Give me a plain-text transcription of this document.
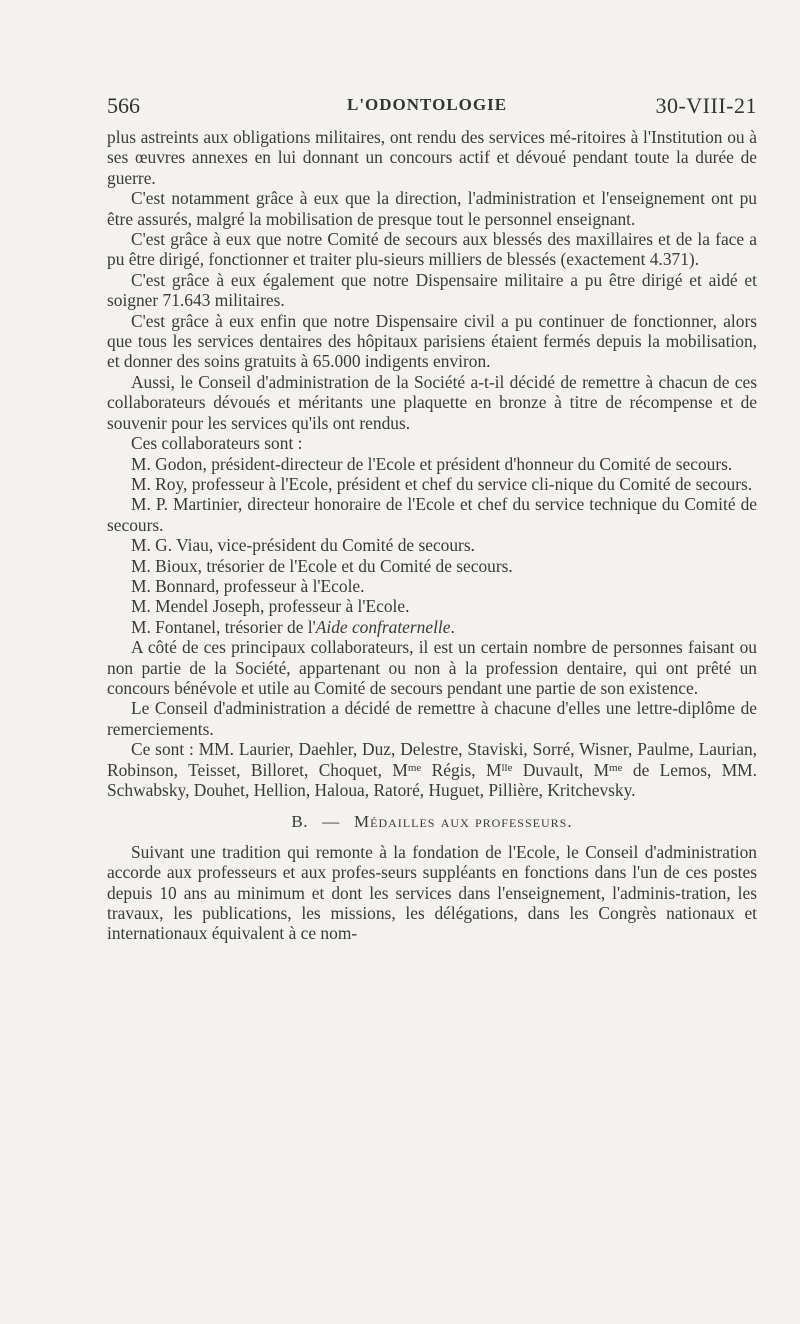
566	L'ODONTOLOGIE	30-VIII-21

plus astreints aux obligations militaires, ont rendu des services mé-ritoires à l'Institution ou à ses œuvres annexes en lui donnant un concours actif et dévoué pendant toute la durée de guerre.

C'est notamment grâce à eux que la direction, l'administration et l'enseignement ont pu être assurés, malgré la mobilisation de presque tout le personnel enseignant.

C'est grâce à eux que notre Comité de secours aux blessés des maxillaires et de la face a pu être dirigé, fonctionner et traiter plu-sieurs milliers de blessés (exactement 4.371).

C'est grâce à eux également que notre Dispensaire militaire a pu être dirigé et aidé et soigner 71.643 militaires.

C'est grâce à eux enfin que notre Dispensaire civil a pu continuer de fonctionner, alors que tous les services dentaires des hôpitaux parisiens étaient fermés depuis la mobilisation, et donner des soins gratuits à 65.000 indigents environ.

Aussi, le Conseil d'administration de la Société a-t-il décidé de remettre à chacun de ces collaborateurs dévoués et méritants une plaquette en bronze à titre de récompense et de souvenir pour les services qu'ils ont rendus.

Ces collaborateurs sont :

M. Godon, président-directeur de l'Ecole et président d'honneur du Comité de secours.

M. Roy, professeur à l'Ecole, président et chef du service cli-nique du Comité de secours.

M. P. Martinier, directeur honoraire de l'Ecole et chef du service technique du Comité de secours.

M. G. Viau, vice-président du Comité de secours.

M. Bioux, trésorier de l'Ecole et du Comité de secours.

M. Bonnard, professeur à l'Ecole.

M. Mendel Joseph, professeur à l'Ecole.

M. Fontanel, trésorier de l'Aide confraternelle.

A côté de ces principaux collaborateurs, il est un certain nombre de personnes faisant ou non partie de la Société, appartenant ou non à la profession dentaire, qui ont prêté un concours bénévole et utile au Comité de secours pendant une partie de son existence.

Le Conseil d'administration a décidé de remettre à chacune d'elles une lettre-diplôme de remerciements.

Ce sont : MM. Laurier, Daehler, Duz, Delestre, Staviski, Sorré, Wisner, Paulme, Laurian, Robinson, Teisset, Billoret, Choquet, $M^{me}$ Régis, $M^{lle}$ Duvault, $M^{me}$ de Lemos, MM. Schwabsky, Douhet, Hellion, Haloua, Ratoré, Huguet, Pillière, Kritchevsky.

B. — Médailles aux professeurs.

Suivant une tradition qui remonte à la fondation de l'Ecole, le Conseil d'administration accorde aux professeurs et aux profes-seurs suppléants en fonctions dans l'un de ces postes depuis 10 ans au minimum et dont les services dans l'enseignement, l'adminis-tration, les travaux, les publications, les missions, les délégations, dans les Congrès nationaux et internationaux équivalent à ce nom-
